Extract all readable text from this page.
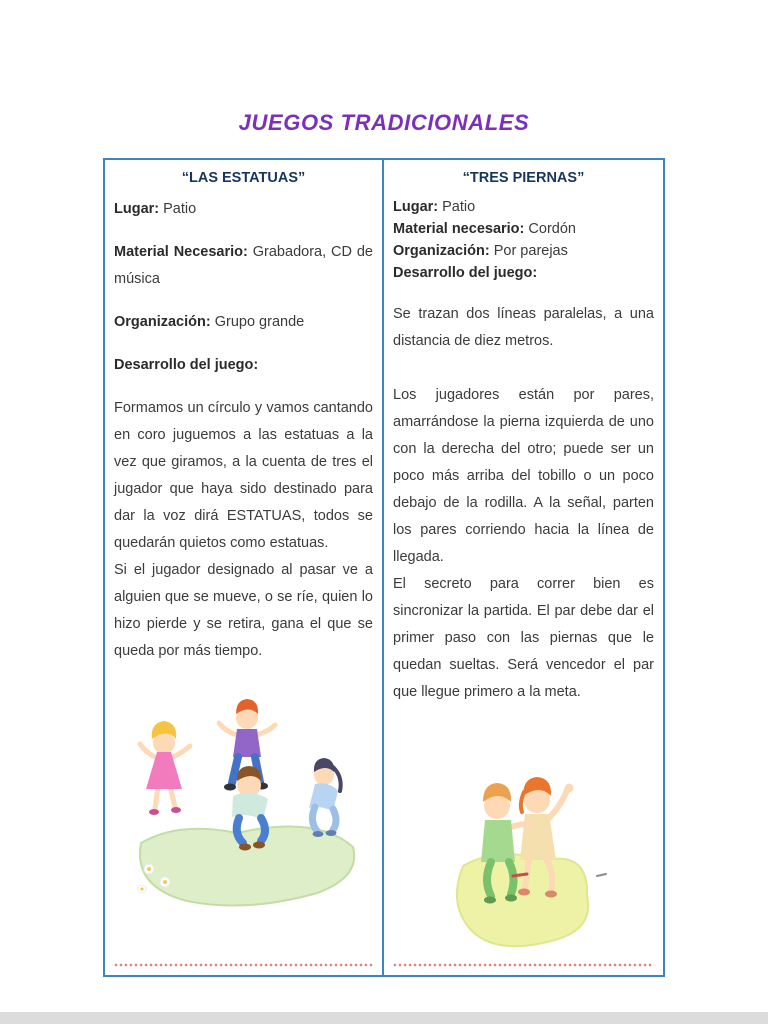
JUEGOS TRADICIONALES
“LAS ESTATUAS”

Lugar: Patio

Material Necesario: Grabadora, CD de música

Organización: Grupo grande

Desarrollo del juego:

Formamos un círculo y vamos cantando en coro juguemos a las estatuas a la vez que giramos, a la cuenta de tres el jugador que haya sido destinado para dar la voz dirá ESTATUAS, todos se quedarán quietos como estatuas.

Si el jugador designado al pasar ve a alguien que se mueve, o se ríe, quien lo hizo pierde y se retira, gana el que se queda por más tiempo.

“TRES PIERNAS”

Lugar: Patio

Material necesario: Cordón

Organización: Por parejas

Desarrollo del juego:

Se trazan dos líneas paralelas, a una distancia de diez metros.

Los jugadores están por pares, amarrándose la pierna izquierda de uno con la derecha del otro; puede ser un poco más arriba del tobillo o un poco debajo de la rodilla. A la señal, parten los pares corriendo hacia la línea de llegada.

El secreto para correr bien es sincronizar la partida. El par debe dar el primer paso con las piernas que le quedan sueltas. Será vencedor el par que llegue primero a la meta.
